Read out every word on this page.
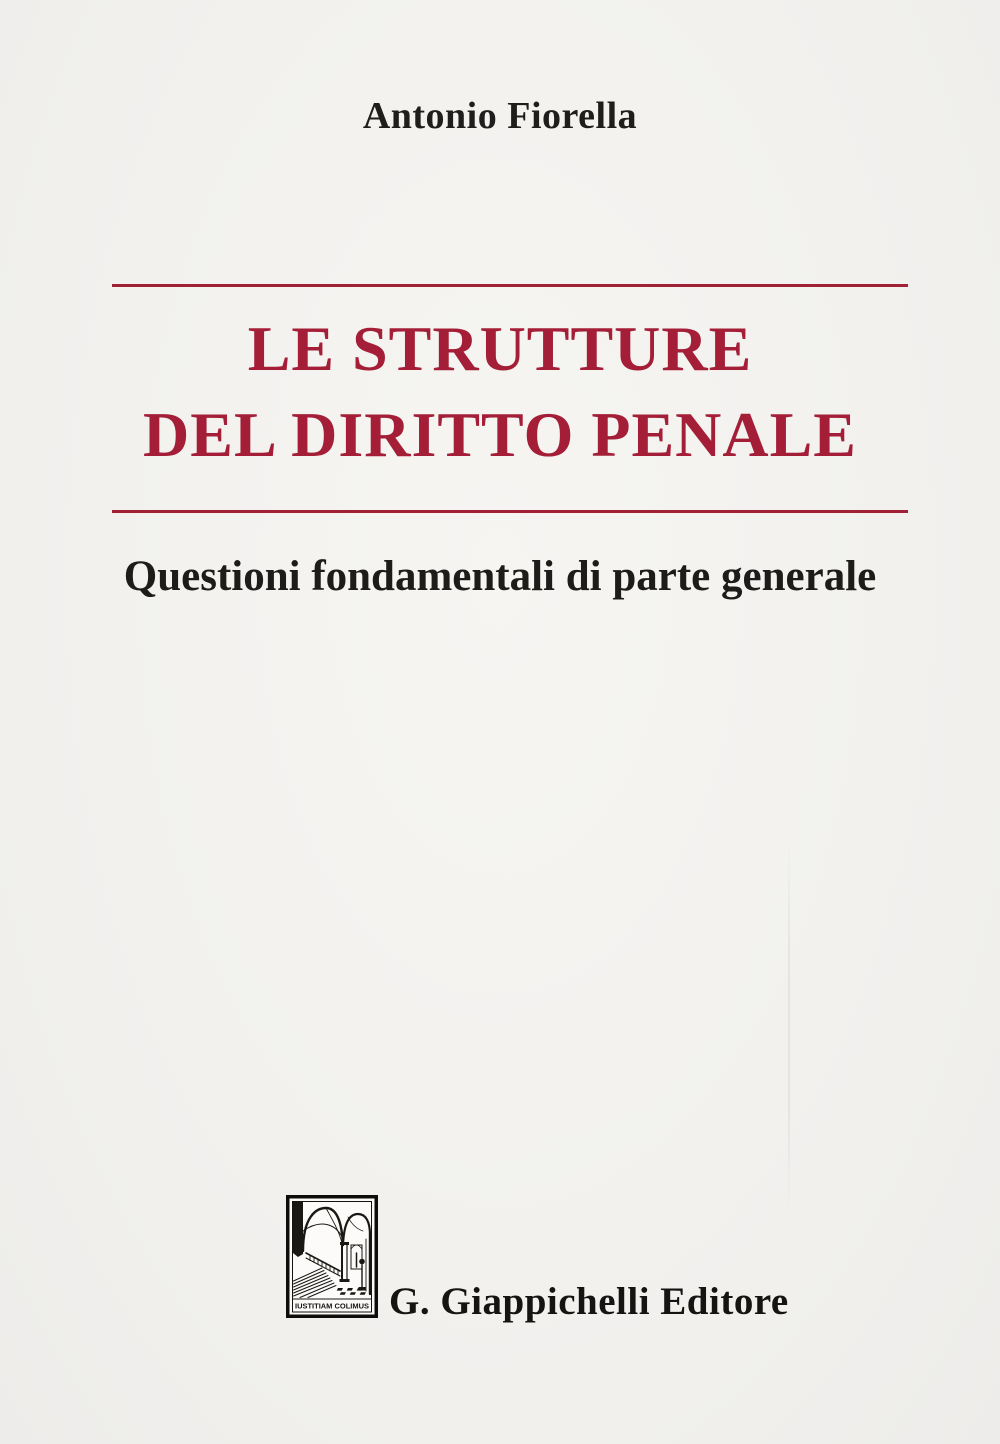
Antonio Fiorella
LE STRUTTURE
DEL DIRITTO PENALE
Questioni fondamentali di parte generale
IUSTITIAM COLIMUS G. Giappichelli Editore
